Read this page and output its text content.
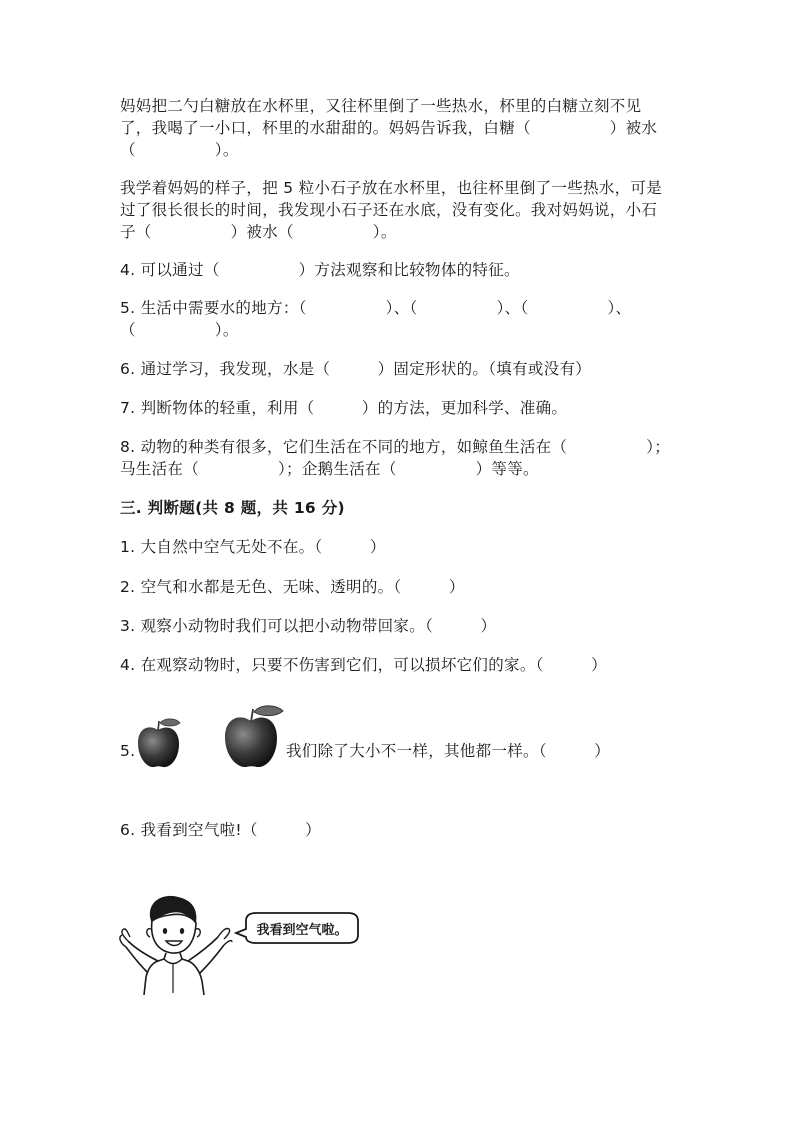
妈妈把二勺白糖放在水杯里，又往杯里倒了一些热水，杯里的白糖立刻不见
了，我喝了一小口，杯里的水甜甜的。妈妈告诉我，白糖（　　　　　）被水
（　　　　　）。
我学着妈妈的样子，把 5 粒小石子放在水杯里，也往杯里倒了一些热水，可是
过了很长很长的时间，我发现小石子还在水底，没有变化。我对妈妈说，小石
子（　　　　　）被水（　　　　　）。
4. 可以通过（　　　　　）方法观察和比较物体的特征。
5. 生活中需要水的地方：（　　　　　）、（　　　　　）、（　　　　　）、
（　　　　　）。
6. 通过学习，我发现，水是（　　　）固定形状的。（填有或没有）
7. 判断物体的轻重，利用（　　　）的方法，更加科学、准确。
8. 动物的种类有很多，它们生活在不同的地方，如鲸鱼生活在（　　　　　）；
马生活在（　　　　　）；企鹅生活在（　　　　　）等等。
三. 判断题(共 8 题，共 16 分)
1. 大自然中空气无处不在。（　　　）
2. 空气和水都是无色、无味、透明的。（　　　）
3. 观察小动物时我们可以把小动物带回家。（　　　）
4. 在观察动物时，只要不伤害到它们，可以损坏它们的家。（　　　）
5.	我们除了大小不一样，其他都一样。（　　　）
6. 我看到空气啦!（　　　）
我看到空气啦。
